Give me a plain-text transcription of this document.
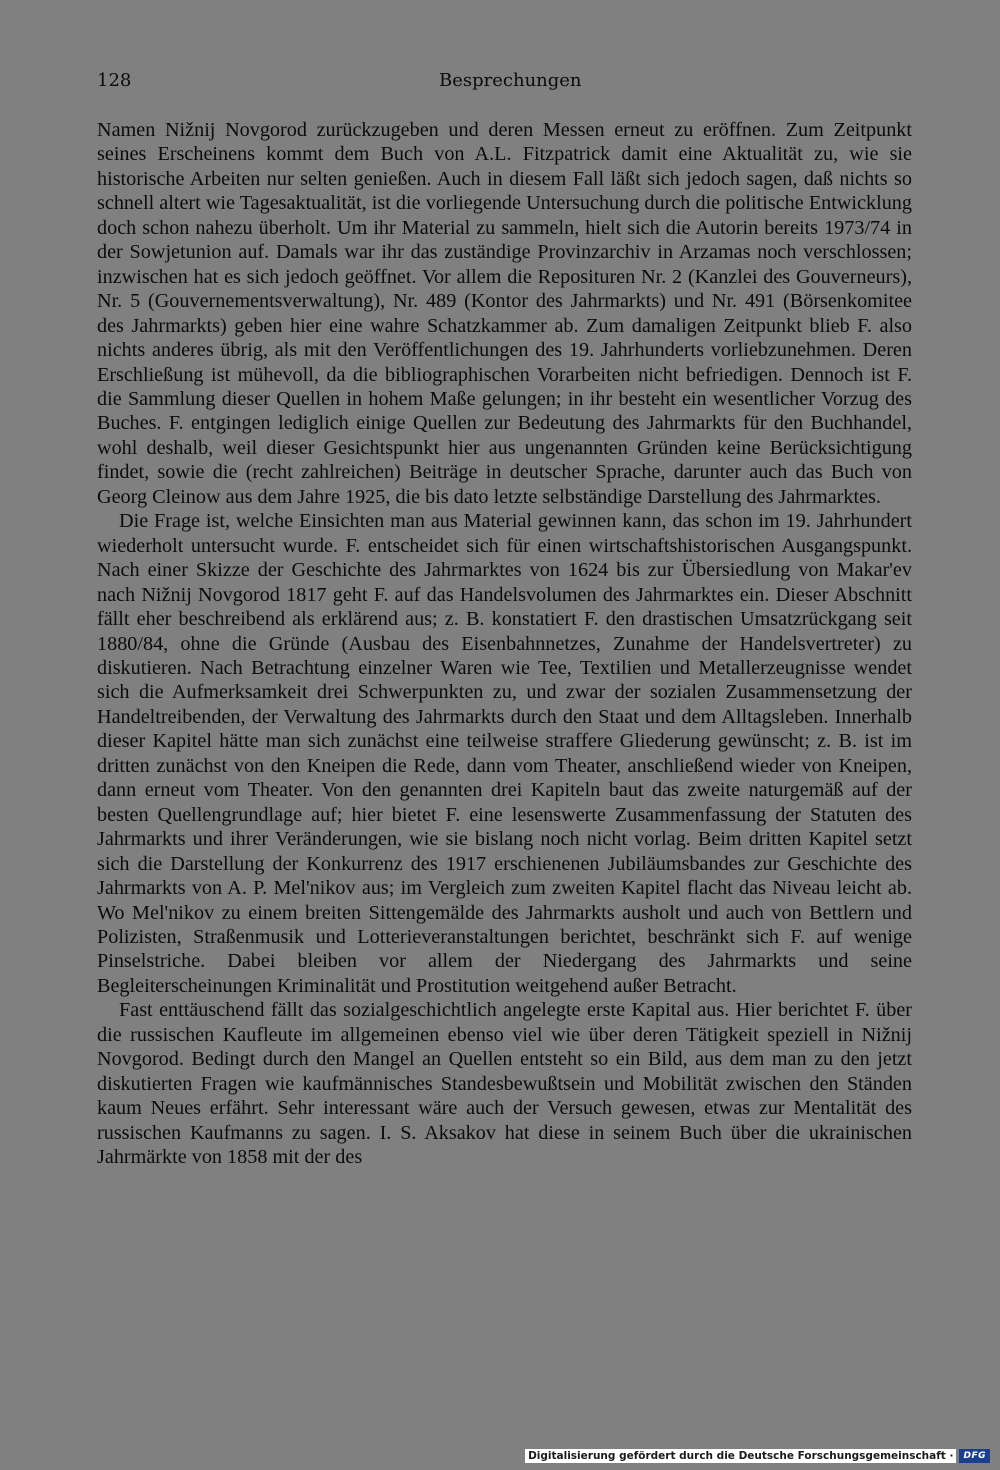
128	Besprechungen

Namen Nižnij Novgorod zurückzugeben und deren Messen erneut zu eröffnen. Zum Zeitpunkt seines Erscheinens kommt dem Buch von A.L. Fitzpatrick damit eine Aktualität zu, wie sie historische Arbeiten nur selten genießen. Auch in diesem Fall läßt sich jedoch sagen, daß nichts so schnell altert wie Tagesaktualität, ist die vorliegende Untersuchung durch die politische Entwicklung doch schon nahezu überholt. Um ihr Material zu sammeln, hielt sich die Autorin bereits 1973/74 in der Sowjetunion auf. Damals war ihr das zuständige Provinzarchiv in Arzamas noch verschlossen; inzwischen hat es sich jedoch geöffnet. Vor allem die Reposituren Nr. 2 (Kanzlei des Gouverneurs), Nr. 5 (Gouvernementsverwaltung), Nr. 489 (Kontor des Jahrmarkts) und Nr. 491 (Börsenkomitee des Jahrmarkts) geben hier eine wahre Schatzkammer ab. Zum damaligen Zeitpunkt blieb F. also nichts anderes übrig, als mit den Veröffentlichungen des 19. Jahrhunderts vorliebzunehmen. Deren Erschließung ist mühevoll, da die bibliographischen Vorarbeiten nicht befriedigen. Dennoch ist F. die Sammlung dieser Quellen in hohem Maße gelungen; in ihr besteht ein wesentlicher Vorzug des Buches. F. entgingen lediglich einige Quellen zur Bedeutung des Jahrmarkts für den Buchhandel, wohl deshalb, weil dieser Gesichtspunkt hier aus ungenannten Gründen keine Berücksichtigung findet, sowie die (recht zahlreichen) Beiträge in deutscher Sprache, darunter auch das Buch von Georg Cleinow aus dem Jahre 1925, die bis dato letzte selbständige Darstellung des Jahrmarktes.

Die Frage ist, welche Einsichten man aus Material gewinnen kann, das schon im 19. Jahrhundert wiederholt untersucht wurde. F. entscheidet sich für einen wirtschaftshistorischen Ausgangspunkt. Nach einer Skizze der Geschichte des Jahrmarktes von 1624 bis zur Übersiedlung von Makar'ev nach Nižnij Novgorod 1817 geht F. auf das Handelsvolumen des Jahrmarktes ein. Dieser Abschnitt fällt eher beschreibend als erklärend aus; z. B. konstatiert F. den drastischen Umsatzrückgang seit 1880/84, ohne die Gründe (Ausbau des Eisenbahnnetzes, Zunahme der Handelsvertreter) zu diskutieren. Nach Betrachtung einzelner Waren wie Tee, Textilien und Metallerzeugnisse wendet sich die Aufmerksamkeit drei Schwerpunkten zu, und zwar der sozialen Zusammensetzung der Handeltreibenden, der Verwaltung des Jahrmarkts durch den Staat und dem Alltagsleben. Innerhalb dieser Kapitel hätte man sich zunächst eine teilweise straffere Gliederung gewünscht; z. B. ist im dritten zunächst von den Kneipen die Rede, dann vom Theater, anschließend wieder von Kneipen, dann erneut vom Theater. Von den genannten drei Kapiteln baut das zweite naturgemäß auf der besten Quellengrundlage auf; hier bietet F. eine lesenswerte Zusammenfassung der Statuten des Jahrmarkts und ihrer Veränderungen, wie sie bislang noch nicht vorlag. Beim dritten Kapitel setzt sich die Darstellung der Konkurrenz des 1917 erschienenen Jubiläumsbandes zur Geschichte des Jahrmarkts von A. P. Mel'nikov aus; im Vergleich zum zweiten Kapitel flacht das Niveau leicht ab. Wo Mel'nikov zu einem breiten Sittengemälde des Jahrmarkts ausholt und auch von Bettlern und Polizisten, Straßenmusik und Lotterieveranstaltungen berichtet, beschränkt sich F. auf wenige Pinselstriche. Dabei bleiben vor allem der Niedergang des Jahrmarkts und seine Begleiterscheinungen Kriminalität und Prostitution weitgehend außer Betracht.

Fast enttäuschend fällt das sozialgeschichtlich angelegte erste Kapital aus. Hier berichtet F. über die russischen Kaufleute im allgemeinen ebenso viel wie über deren Tätigkeit speziell in Nižnij Novgorod. Bedingt durch den Mangel an Quellen entsteht so ein Bild, aus dem man zu den jetzt diskutierten Fragen wie kaufmännisches Standesbewußtsein und Mobilität zwischen den Ständen kaum Neues erfährt. Sehr interessant wäre auch der Versuch gewesen, etwas zur Mentalität des russischen Kaufmanns zu sagen. I. S. Aksakov hat diese in seinem Buch über die ukrainischen Jahrmärkte von 1858 mit der des

Digitalisierung gefördert durch die Deutsche Forschungsgemeinschaft ·	DFG
